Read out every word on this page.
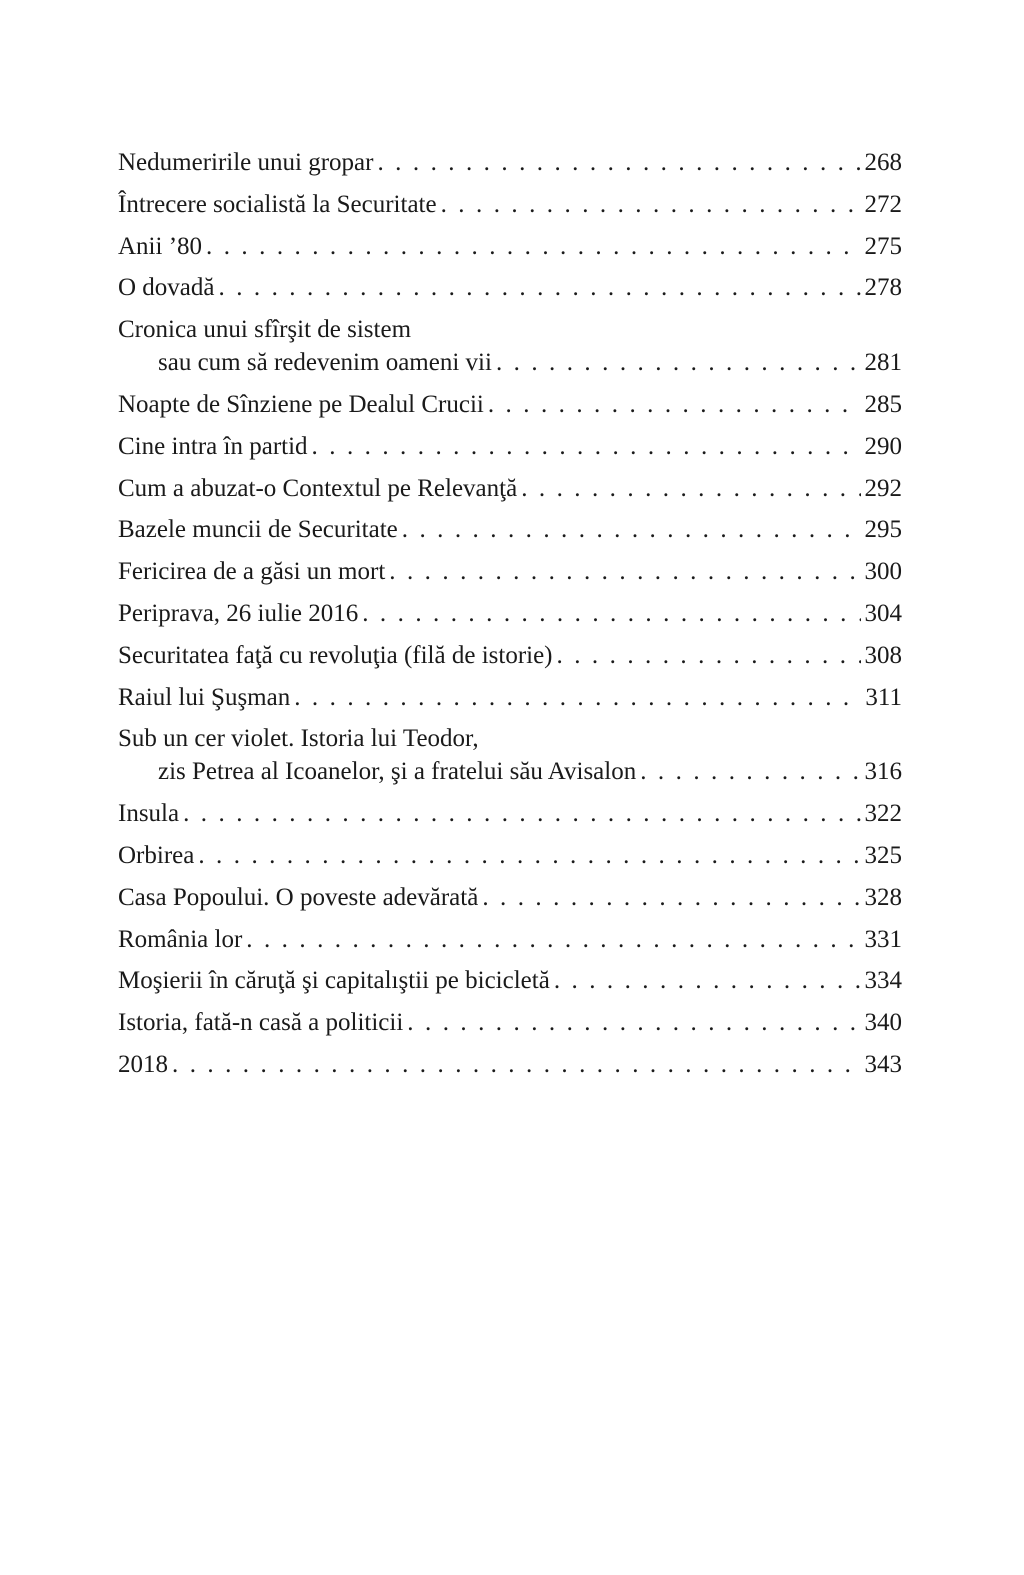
Nedumeririle unui gropar . . .	268
Întrecere socialistă la Securitate . . .	272
Anii ’80 . . .	275
O dovadă . . .	278
Cronica unui sfîrşit de sistem
sau cum să redevenim oameni vii . . .	281
Noapte de Sînziene pe Dealul Crucii . . .	285
Cine intra în partid . . .	290
Cum a abuzat-o Contextul pe Relevanţă . . .	292
Bazele muncii de Securitate . . .	295
Fericirea de a găsi un mort . . .	300
Periprava, 26 iulie 2016 . . .	304
Securitatea faţă cu revoluţia (filă de istorie) . . .	308
Raiul lui Şuşman . . .	311
Sub un cer violet. Istoria lui Teodor,
zis Petrea al Icoanelor, şi a fratelui său Avisalon . . .	316
Insula . . .	322
Orbirea . . .	325
Casa Popoului. O poveste adevărată . . .	328
România lor . . .	331
Moşierii în căruţă şi capitalıştii pe bicicletă . . .	334
Istoria, fată-n casă a politicii . . .	340
2018 . . .	343
